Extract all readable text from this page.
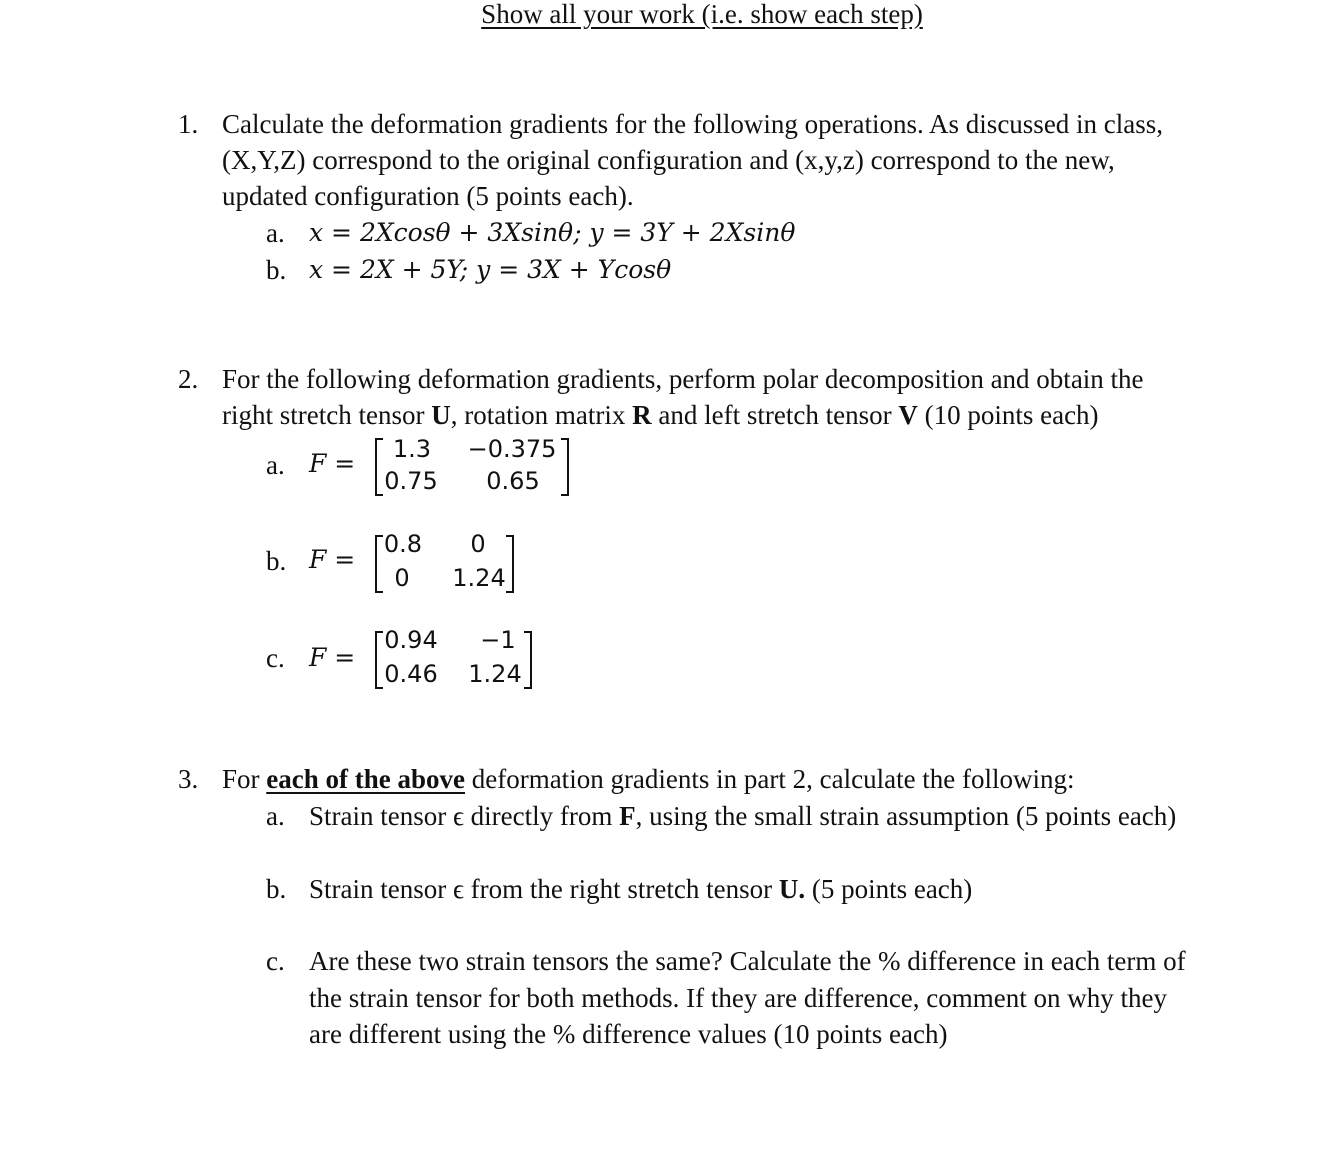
Show all your work (i.e. show each step)
1. Calculate the deformation gradients for the following operations. As discussed in class,
(X,Y,Z) correspond to the original configuration and (x,y,z) correspond to the new,
updated configuration (5 points each).
a. x = 2Xcosθ + 3Xsinθ; y = 3Y + 2Xsinθ
b. x = 2X + 5Y; y = 3X + Ycosθ
2. For the following deformation gradients, perform polar decomposition and obtain the
right stretch tensor U, rotation matrix R and left stretch tensor V (10 points each)
a. F =	1.3	−0.375
0.75	0.65
b. F =
0.8	0
0	1.24
c. F =
0.94	−1
0.46 1.24
3. For each of the above deformation gradients in part 2, calculate the following:
a. Strain tensor ϵ directly from F, using the small strain assumption (5 points each)
b. Strain tensor ϵ from the right stretch tensor U. (5 points each)
c. Are these two strain tensors the same? Calculate the % difference in each term of
the strain tensor for both methods. If they are difference, comment on why they
are different using the % difference values (10 points each)
